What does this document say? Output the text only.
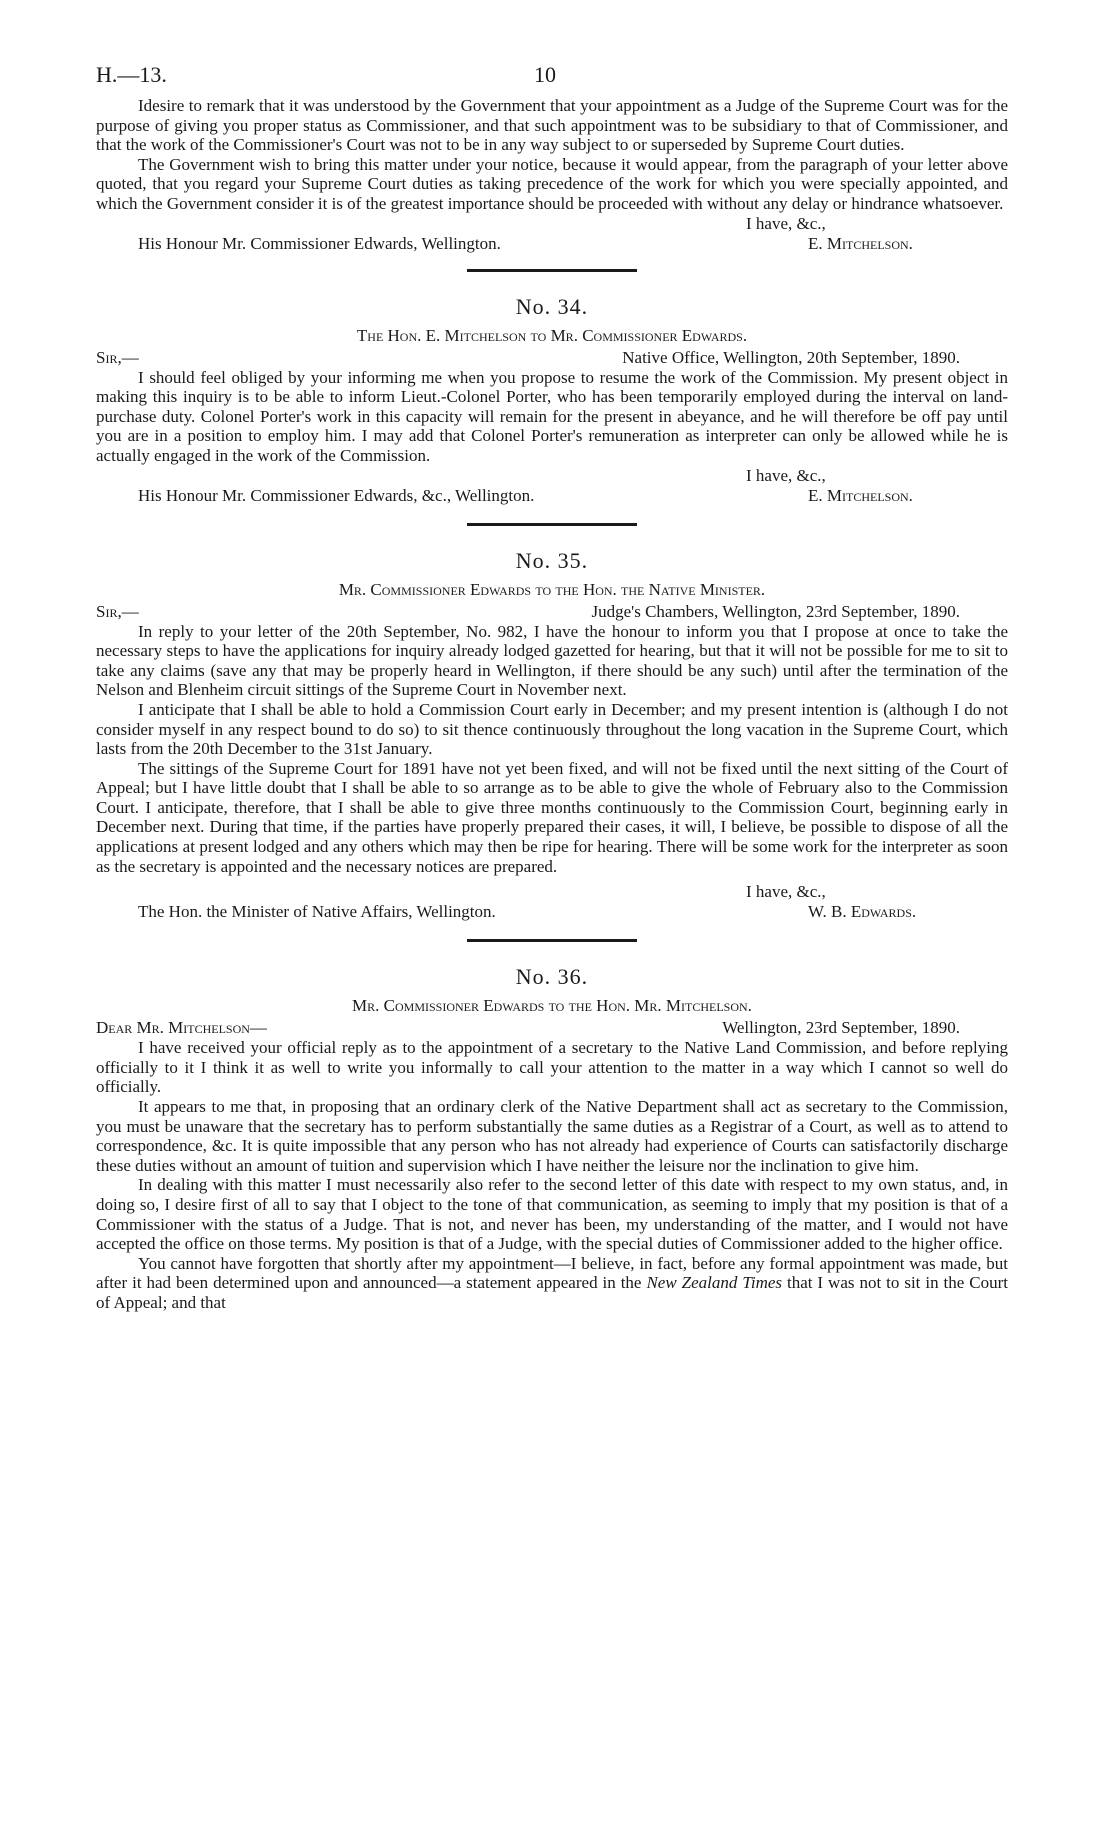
H.—13.	10

Idesire to remark that it was understood by the Government that your appointment as a Judge of the Supreme Court was for the purpose of giving you proper status as Commissioner, and that such appointment was to be subsidiary to that of Commissioner, and that the work of the Commissioner's Court was not to be in any way subject to or superseded by Supreme Court duties.

The Government wish to bring this matter under your notice, because it would appear, from the paragraph of your letter above quoted, that you regard your Supreme Court duties as taking precedence of the work for which you were specially appointed, and which the Government consider it is of the greatest importance should be proceeded with without any delay or hindrance whatsoever.

I have, &c.,
His Honour Mr. Commissioner Edwards, Wellington.	E. Mitchelson.
No. 34.
The Hon. E. Mitchelson to Mr. Commissioner Edwards.
Sir,—	Native Office, Wellington, 20th September, 1890.

I should feel obliged by your informing me when you propose to resume the work of the Commission. My present object in making this inquiry is to be able to inform Lieut.-Colonel Porter, who has been temporarily employed during the interval on land-purchase duty. Colonel Porter's work in this capacity will remain for the present in abeyance, and he will therefore be off pay until you are in a position to employ him. I may add that Colonel Porter's remuneration as interpreter can only be allowed while he is actually engaged in the work of the Commission.

I have, &c.,
His Honour Mr. Commissioner Edwards, &c., Wellington.	E. Mitchelson.
No. 35.
Mr. Commissioner Edwards to the Hon. the Native Minister.
Sir,—	Judge's Chambers, Wellington, 23rd September, 1890.

In reply to your letter of the 20th September, No. 982, I have the honour to inform you that I propose at once to take the necessary steps to have the applications for inquiry already lodged gazetted for hearing, but that it will not be possible for me to sit to take any claims (save any that may be properly heard in Wellington, if there should be any such) until after the termination of the Nelson and Blenheim circuit sittings of the Supreme Court in November next.

I anticipate that I shall be able to hold a Commission Court early in December; and my present intention is (although I do not consider myself in any respect bound to do so) to sit thence continuously throughout the long vacation in the Supreme Court, which lasts from the 20th December to the 31st January.

The sittings of the Supreme Court for 1891 have not yet been fixed, and will not be fixed until the next sitting of the Court of Appeal; but I have little doubt that I shall be able to so arrange as to be able to give the whole of February also to the Commission Court. I anticipate, therefore, that I shall be able to give three months continuously to the Commission Court, beginning early in December next. During that time, if the parties have properly prepared their cases, it will, I believe, be possible to dispose of all the applications at present lodged and any others which may then be ripe for hearing. There will be some work for the interpreter as soon as the secretary is appointed and the necessary notices are prepared.

I have, &c.,
The Hon. the Minister of Native Affairs, Wellington.	W. B. Edwards.
No. 36.
Mr. Commissioner Edwards to the Hon. Mr. Mitchelson.
Dear Mr. Mitchelson—	Wellington, 23rd September, 1890.

I have received your official reply as to the appointment of a secretary to the Native Land Commission, and before replying officially to it I think it as well to write you informally to call your attention to the matter in a way which I cannot so well do officially.

It appears to me that, in proposing that an ordinary clerk of the Native Department shall act as secretary to the Commission, you must be unaware that the secretary has to perform substantially the same duties as a Registrar of a Court, as well as to attend to correspondence, &c. It is quite impossible that any person who has not already had experience of Courts can satisfactorily discharge these duties without an amount of tuition and supervision which I have neither the leisure nor the inclination to give him.

In dealing with this matter I must necessarily also refer to the second letter of this date with respect to my own status, and, in doing so, I desire first of all to say that I object to the tone of that communication, as seeming to imply that my position is that of a Commissioner with the status of a Judge. That is not, and never has been, my understanding of the matter, and I would not have accepted the office on those terms. My position is that of a Judge, with the special duties of Commissioner added to the higher office.

You cannot have forgotten that shortly after my appointment—I believe, in fact, before any formal appointment was made, but after it had been determined upon and announced—a statement appeared in the New Zealand Times that I was not to sit in the Court of Appeal; and that
